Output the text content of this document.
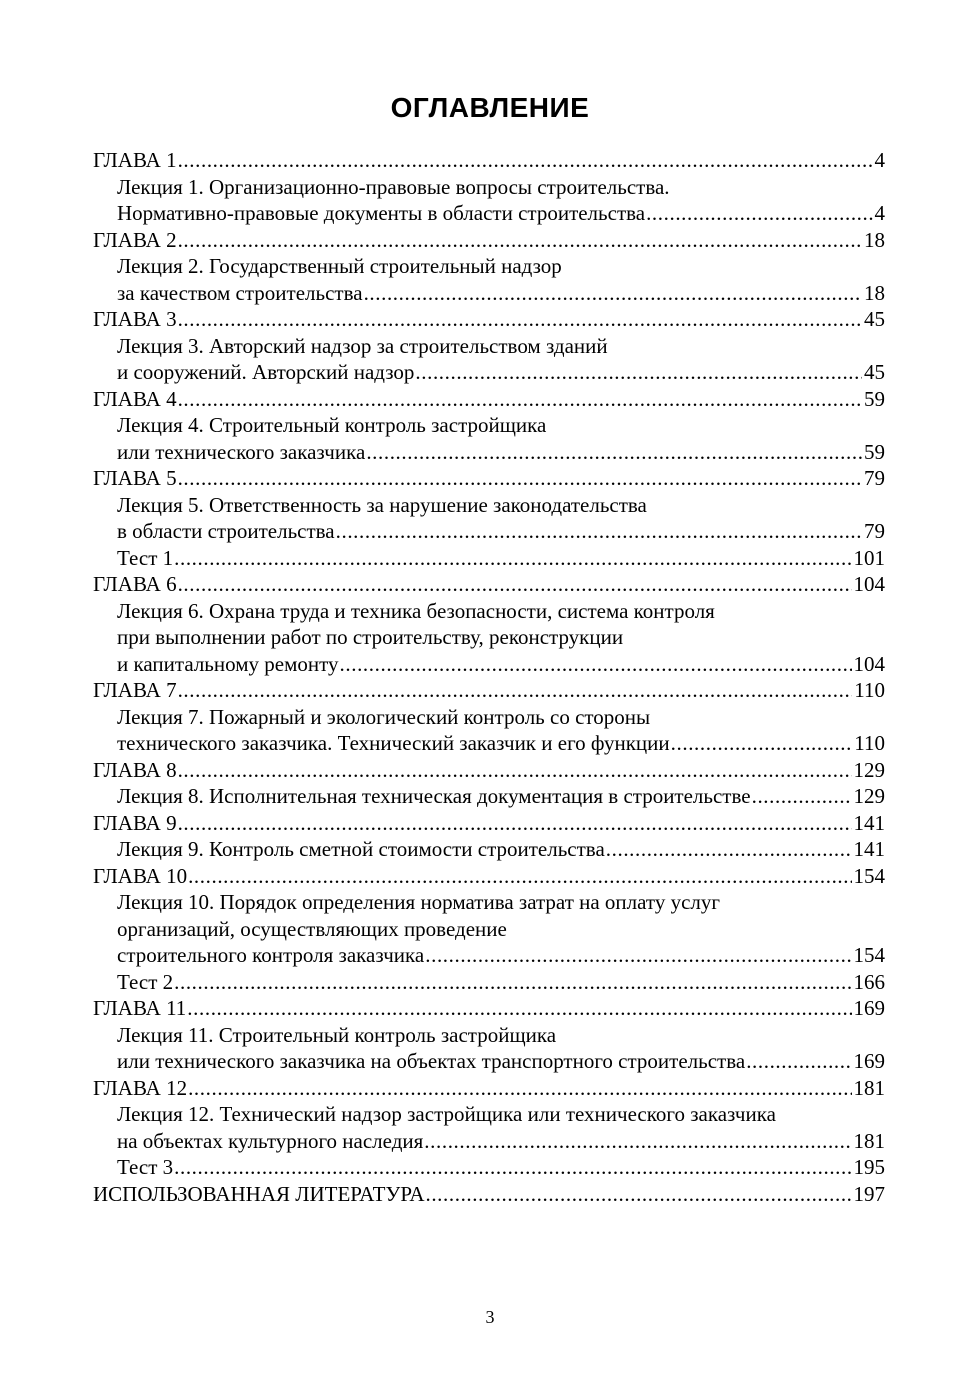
ОГЛАВЛЕНИЕ
ГЛАВА 1 .....	4
Лекция 1. Организационно-правовые вопросы строительства.
Нормативно-правовые документы в области строительства .....	4
ГЛАВА 2 .....	18
Лекция 2. Государственный строительный надзор
за качеством строительства .....	18
ГЛАВА 3 .....	45
Лекция 3. Авторский надзор за строительством зданий
и сооружений. Авторский надзор .....	45
ГЛАВА 4 .....	59
Лекция 4. Строительный контроль застройщика
или технического заказчика .....	59
ГЛАВА 5 .....	79
Лекция 5. Ответственность за нарушение законодательства
в области строительства .....	79
Тест 1 .....	101
ГЛАВА 6 .....	104
Лекция 6. Охрана труда и техника безопасности, система контроля
при выполнении работ по строительству, реконструкции
и капитальному ремонту .....	104
ГЛАВА 7 .....	110
Лекция 7. Пожарный и экологический контроль со стороны
технического заказчика. Технический заказчик и его функции .....	110
ГЛАВА 8 .....	129
Лекция 8. Исполнительная техническая документация в строительстве .....	129
ГЛАВА 9 .....	141
Лекция 9. Контроль сметной стоимости строительства .....	141
ГЛАВА 10 .....	154
Лекция 10. Порядок определения норматива затрат на оплату услуг
организаций, осуществляющих проведение
строительного контроля заказчика .....	154
Тест 2 .....	166
ГЛАВА 11 .....	169
Лекция 11. Строительный контроль застройщика
или технического заказчика на объектах транспортного строительства .....	169
ГЛАВА 12 .....	181
Лекция 12. Технический надзор застройщика или технического заказчика
на объектах культурного наследия .....	181
Тест 3 .....	195
ИСПОЛЬЗОВАННАЯ ЛИТЕРАТУРА .....	197
3
